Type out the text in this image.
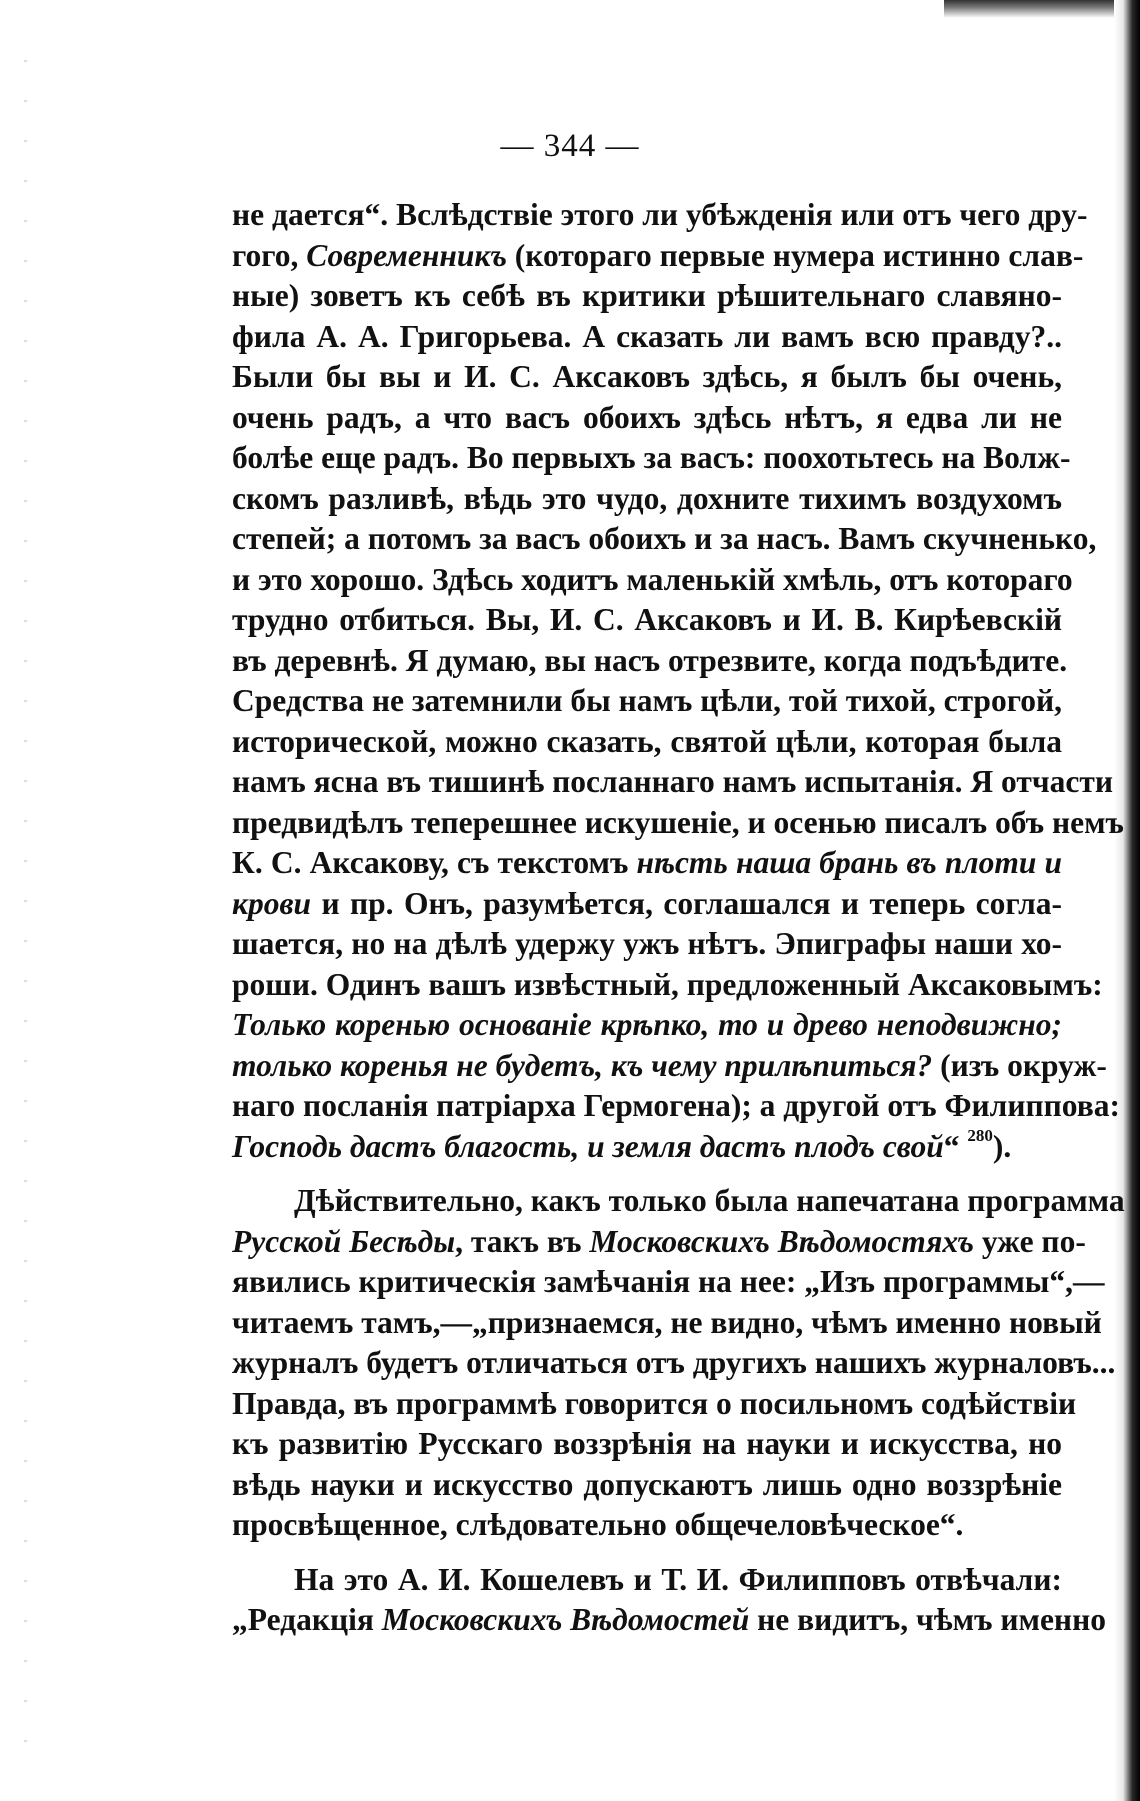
— 344 —
не дается“. Вслѣдствіе этого ли убѣжденія или отъ чего дру-
гого, Современникъ (котораго первые нумера истинно слав-
ные) зоветъ къ себѣ въ критики рѣшительнаго славяно-
фила А. А. Григорьева. А сказать ли вамъ всю правду?..
Были бы вы и И. С. Аксаковъ здѣсь, я былъ бы очень,
очень радъ, а что васъ обоихъ здѣсь нѣтъ, я едва ли не
болѣе еще радъ. Во первыхъ за васъ: поохотьтесь на Волж-
скомъ разливѣ, вѣдь это чудо, дохните тихимъ воздухомъ
степей; а потомъ за васъ обоихъ и за насъ. Вамъ скучненько,
и это хорошо. Здѣсь ходитъ маленькій хмѣль, отъ котораго
трудно отбиться. Вы, И. С. Аксаковъ и И. В. Кирѣевскій
въ деревнѣ. Я думаю, вы насъ отрезвите, когда подъѣдите.
Средства не затемнили бы намъ цѣли, той тихой, строгой,
исторической, можно сказать, святой цѣли, которая была
намъ ясна въ тишинѣ посланнаго намъ испытанія. Я отчасти
предвидѣлъ теперешнее искушеніе, и осенью писалъ объ немъ
К. С. Аксакову, съ текстомъ нѣсть наша брань въ плоти и
крови и пр. Онъ, разумѣется, соглашался и теперь согла-
шается, но на дѣлѣ удержу ужъ нѣтъ. Эпиграфы наши хо-
роши. Одинъ вашъ извѣстный, предложенный Аксаковымъ:
Только коренью основаніе крѣпко, то и древо неподвижно;
только коренья не будетъ, къ чему прилѣпиться? (изъ окруж-
наго посланія патріарха Гермогена); а другой отъ Филиппова:
Господь дастъ благость, и земля дастъ плодъ свой“ $^{280}$).
Дѣйствительно, какъ только была напечатана программа
Русской Бесѣды, такъ въ Московскихъ Вѣдомостяхъ уже по-
явились критическія замѣчанія на нее: „Изъ программы“,—
читаемъ тамъ,—„признаемся, не видно, чѣмъ именно новый
журналъ будетъ отличаться отъ другихъ нашихъ журналовъ...
Правда, въ программѣ говорится о посильномъ содѣйствіи
къ развитію Русскаго воззрѣнія на науки и искусства, но
вѣдь науки и искусство допускаютъ лишь одно воззрѣніе
просвѣщенное, слѣдовательно общечеловѣческое“.
На это А. И. Кошелевъ и Т. И. Филипповъ отвѣчали:
„Редакція Московскихъ Вѣдомостей не видитъ, чѣмъ именно
